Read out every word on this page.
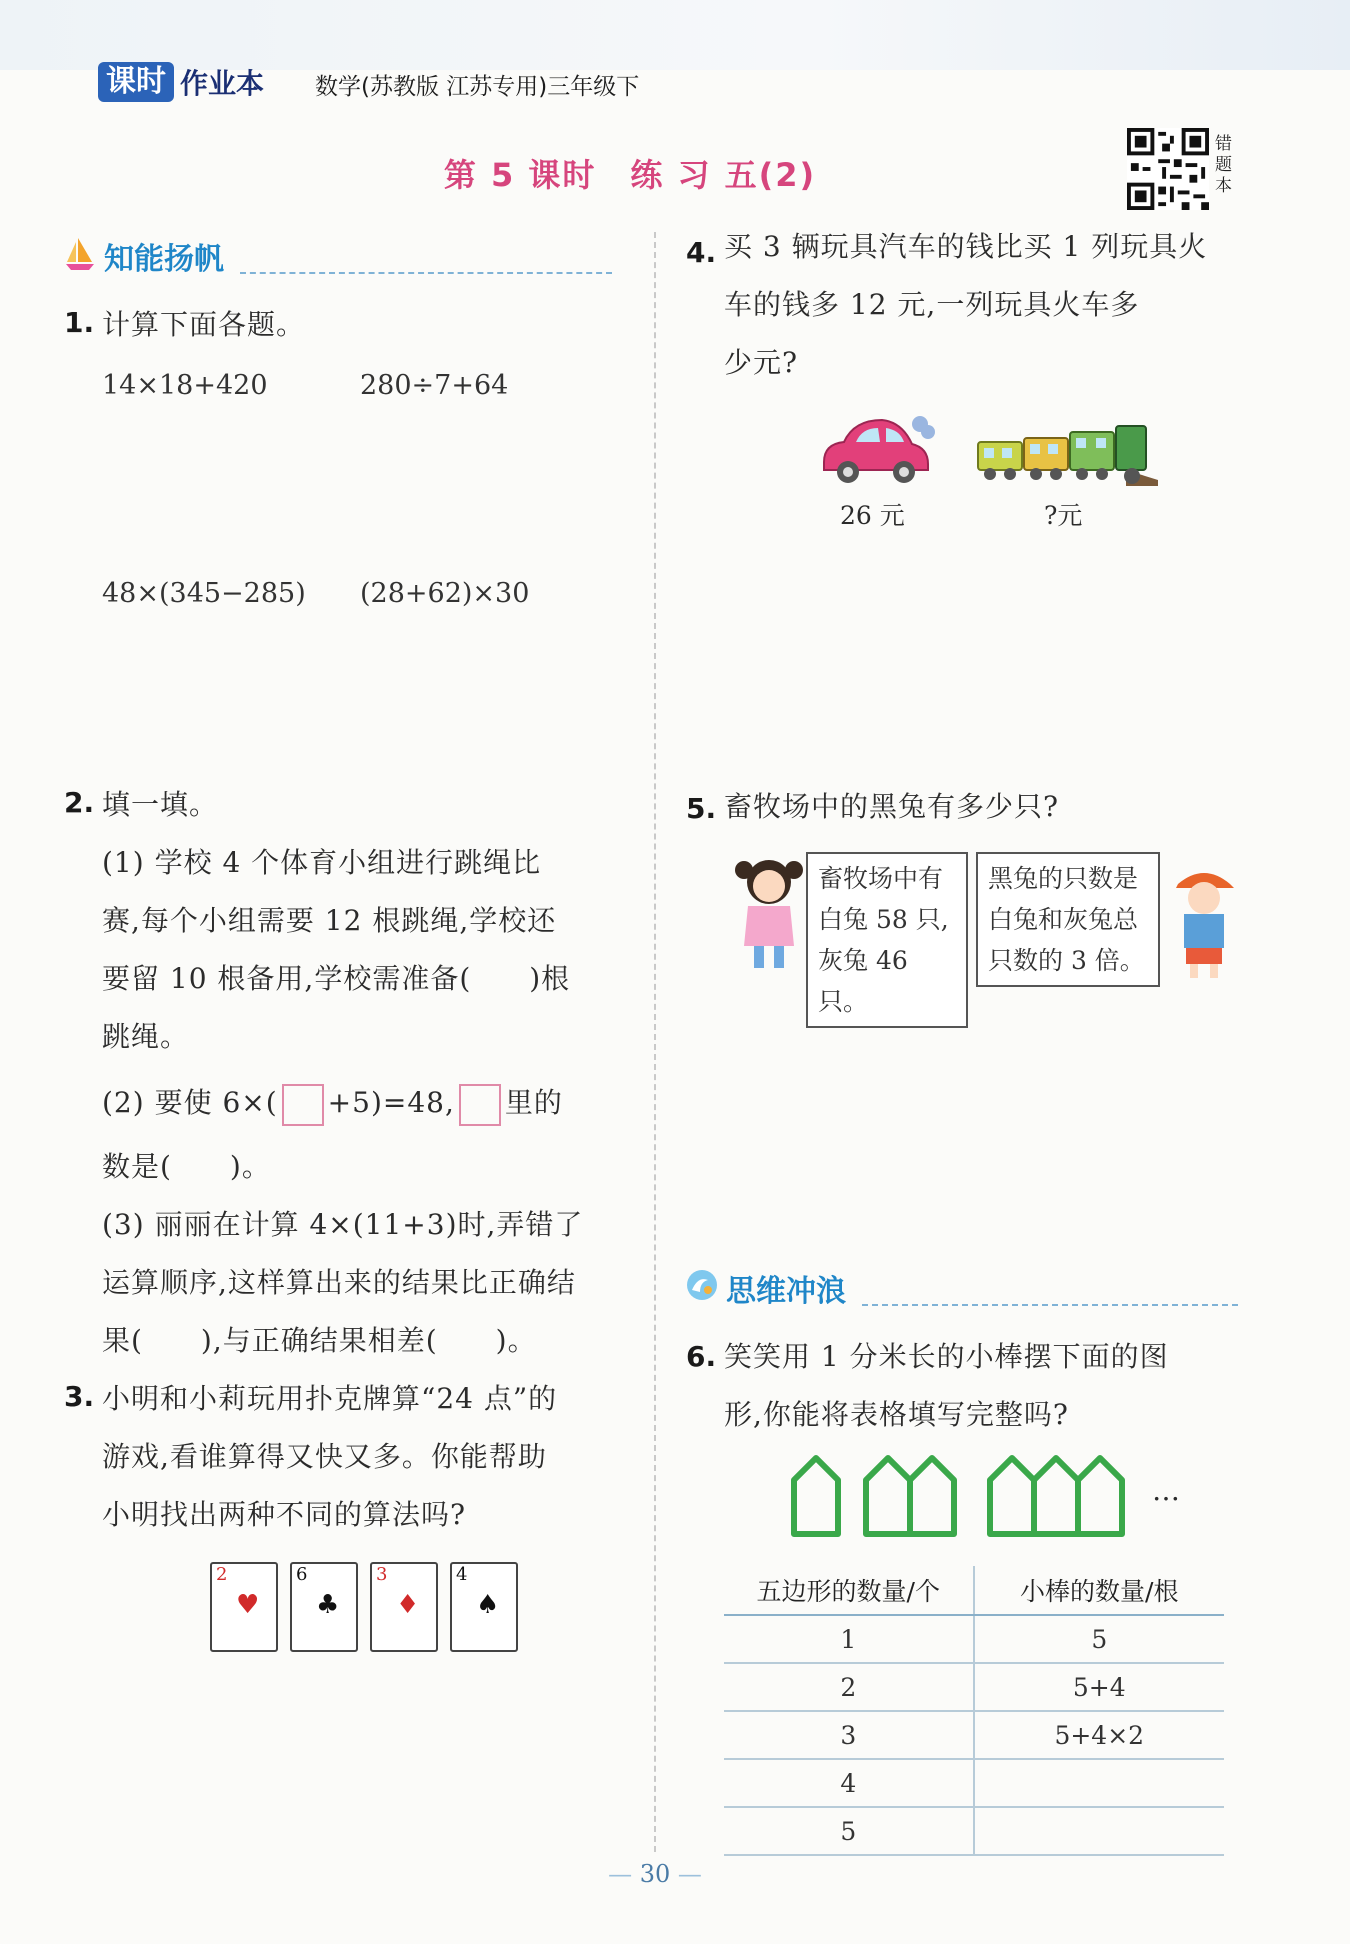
课时 作业本 数学(苏教版 江苏专用)三年级下
第 5 课时　练 习 五(2)
错题本
知能扬帆
1. 计算下面各题。
14×18+420	280÷7+64
48×(345−285) (28+62)×30
2. 填一填。
(1) 学校 4 个体育小组进行跳绳比
赛,每个小组需要 12 根跳绳,学校还
要留 10 根备用,学校需准备(　　)根
跳绳。
(2) 要使 6×( +5)=48, 里的
数是(　　)。
(3) 丽丽在计算 4×(11+3)时,弄错了
运算顺序,这样算出来的结果比正确结
果(　　),与正确结果相差(　　)。
3. 小明和小莉玩用扑克牌算“24 点”的
游戏,看谁算得又快又多。你能帮助
小明找出两种不同的算法吗?
2
♥
6
♣
3
♦
4
♠
4. 买 3 辆玩具汽车的钱比买 1 列玩具火
车的钱多 12 元,一列玩具火车多
少元?
26 元	?元
5. 畜牧场中的黑兔有多少只?
畜牧场中有
白兔 58 只,
灰兔 46 只。
黑兔的只数是
白兔和灰兔总
只数的 3 倍。
思维冲浪
6. 笑笑用 1 分米长的小棒摆下面的图
形,你能将表格填写完整吗?
…
五边形的数量/个	小棒的数量/根
1	5
2	5+4
3	5+4×2
4	
5	
— 30 —
